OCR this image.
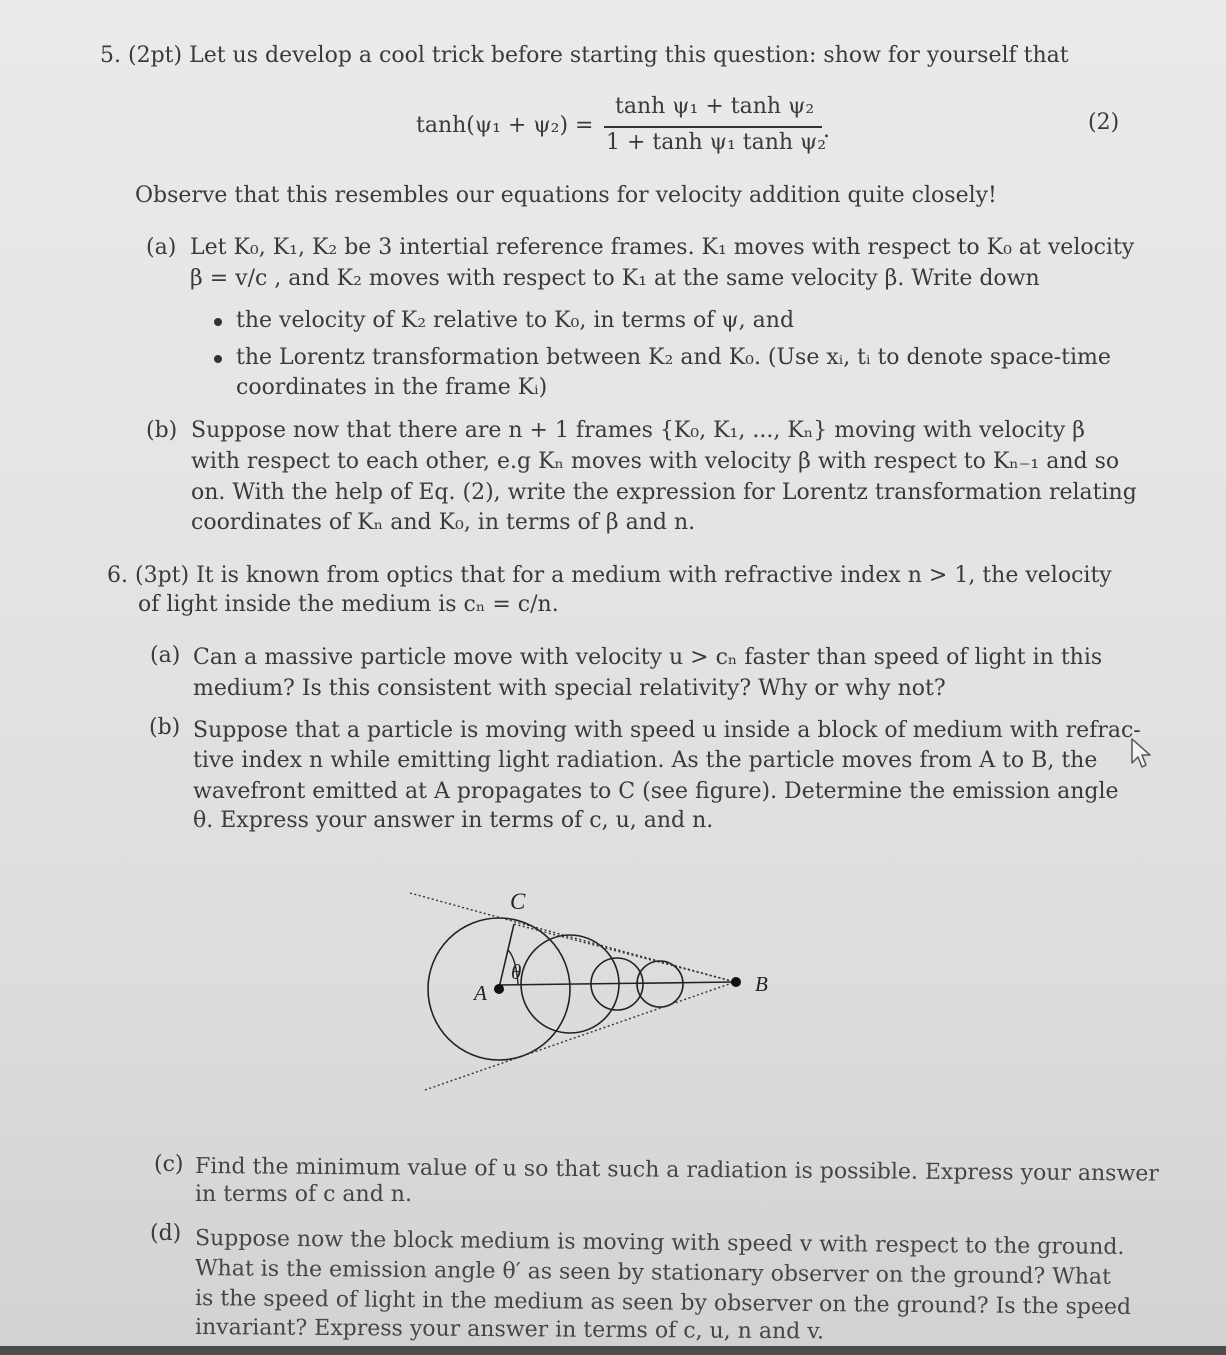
5. (2pt) Let us develop a cool trick before starting this question: show for yourself that
tanh(ψ₁ + ψ₂) =
tanh ψ₁ + tanh ψ₂
1 + tanh ψ₁ tanh ψ₂
.	(2)
Observe that this resembles our equations for velocity addition quite closely!
(a) Let K₀, K₁, K₂ be 3 intertial reference frames. K₁ moves with respect to K₀ at velocity
β = v/c , and K₂ moves with respect to K₁ at the same velocity β. Write down
the velocity of K₂ relative to K₀, in terms of ψ, and
the Lorentz transformation between K₂ and K₀. (Use xᵢ, tᵢ to denote space-time
coordinates in the frame Kᵢ)
(b) Suppose now that there are n + 1 frames {K₀, K₁, ..., Kₙ} moving with velocity β
with respect to each other, e.g Kₙ moves with velocity β with respect to Kₙ₋₁ and so
on. With the help of Eq. (2), write the expression for Lorentz transformation relating
coordinates of Kₙ and K₀, in terms of β and n.
6. (3pt) It is known from optics that for a medium with refractive index n > 1, the velocity
of light inside the medium is cₙ = c/n.
(a) Can a massive particle move with velocity u > cₙ faster than speed of light in this
medium? Is this consistent with special relativity? Why or why not?
(b) Suppose that a particle is moving with speed u inside a block of medium with refrac-
tive index n while emitting light radiation. As the particle moves from A to B, the
wavefront emitted at A propagates to C (see figure). Determine the emission angle
θ. Express your answer in terms of c, u, and n.
C
A	B
θ
(c) Find the minimum value of u so that such a radiation is possible. Express your answer
in terms of c and n.
(d) Suppose now the block medium is moving with speed v with respect to the ground.
What is the emission angle θ′ as seen by stationary observer on the ground? What
is the speed of light in the medium as seen by observer on the ground? Is the speed
invariant? Express your answer in terms of c, u, n and v.
